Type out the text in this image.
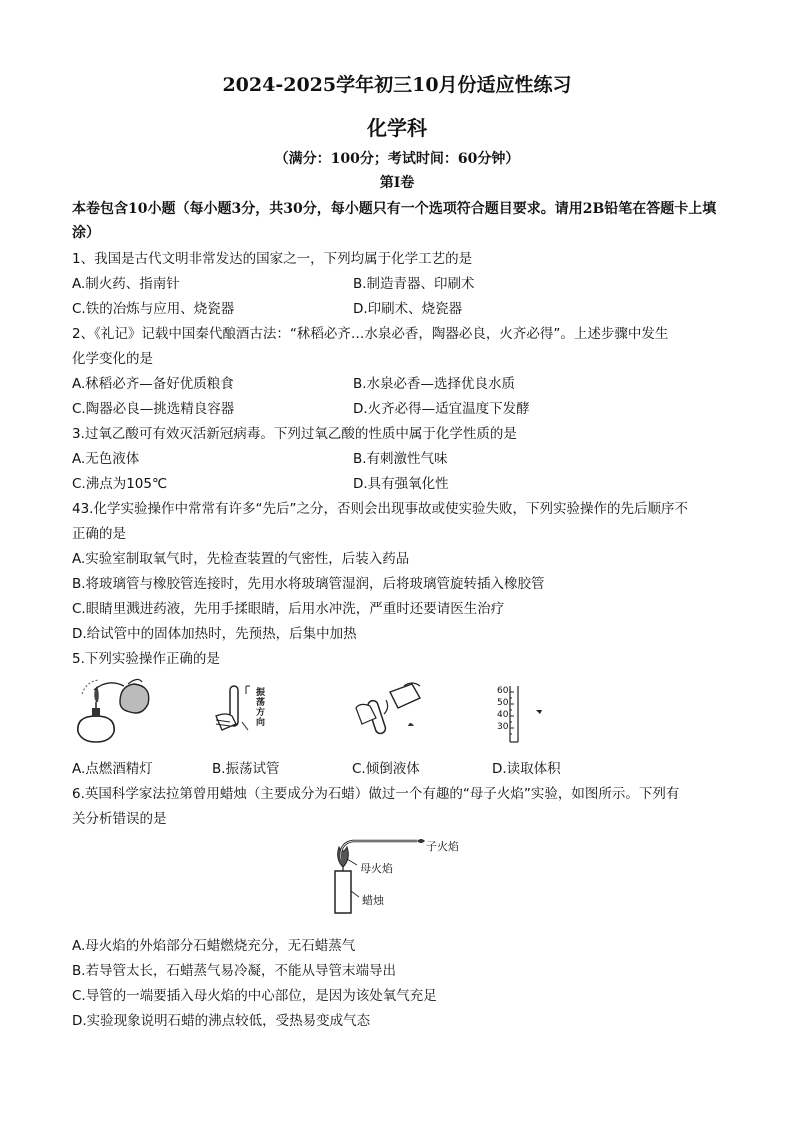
2024-2025学年初三10月份适应性练习
化学科
（满分：100分；考试时间：60分钟）
第Ⅰ卷
本卷包含10小题（每小题3分，共30分，每小题只有一个选项符合题目要求。请用2B铅笔在答题卡上填涂）
1、我国是古代文明非常发达的国家之一，下列均属于化学工艺的是
A.制火药、指南针	B.制造青器、印刷术
C.铁的冶炼与应用、烧瓷器	D.印刷术、烧瓷器
2、《礼记》记载中国秦代酿酒古法：“秫稻必齐…水泉必香，陶器必良，火齐必得”。上述步骤中发生
化学变化的是
A.秫稻必齐—备好优质粮食	B.水泉必香—选择优良水质
C.陶器必良—挑选精良容器	D.火齐必得—适宜温度下发酵
3.过氧乙酸可有效灭活新冠病毒。下列过氧乙酸的性质中属于化学性质的是
A.无色液体	B.有刺激性气味
C.沸点为105℃	D.具有强氧化性
43.化学实验操作中常常有许多“先后”之分，否则会出现事故或使实验失败，下列实验操作的先后顺序不
正确的是
A.实验室制取氧气时，先检查装置的气密性，后装入药品
B.将玻璃管与橡胶管连接时，先用水将玻璃管湿润，后将玻璃管旋转插入橡胶管
C.眼睛里溅进药液，先用手揉眼睛，后用水冲洗，严重时还要请医生治疗
D.给试管中的固体加热时，先预热，后集中加热
5.下列实验操作正确的是
振荡方向
60
50
40
30
A.点燃酒精灯	B.振荡试管	C.倾倒液体	D.读取体积
6.英国科学家法拉第曾用蜡烛（主要成分为石蜡）做过一个有趣的“母子火焰”实验，如图所示。下列有
关分析错误的是
子火焰
母火焰
蜡烛
A.母火焰的外焰部分石蜡燃烧充分，无石蜡蒸气
B.若导管太长，石蜡蒸气易冷凝，不能从导管末端导出
C.导管的一端要插入母火焰的中心部位，是因为该处氧气充足
D.实验现象说明石蜡的沸点较低，受热易变成气态
